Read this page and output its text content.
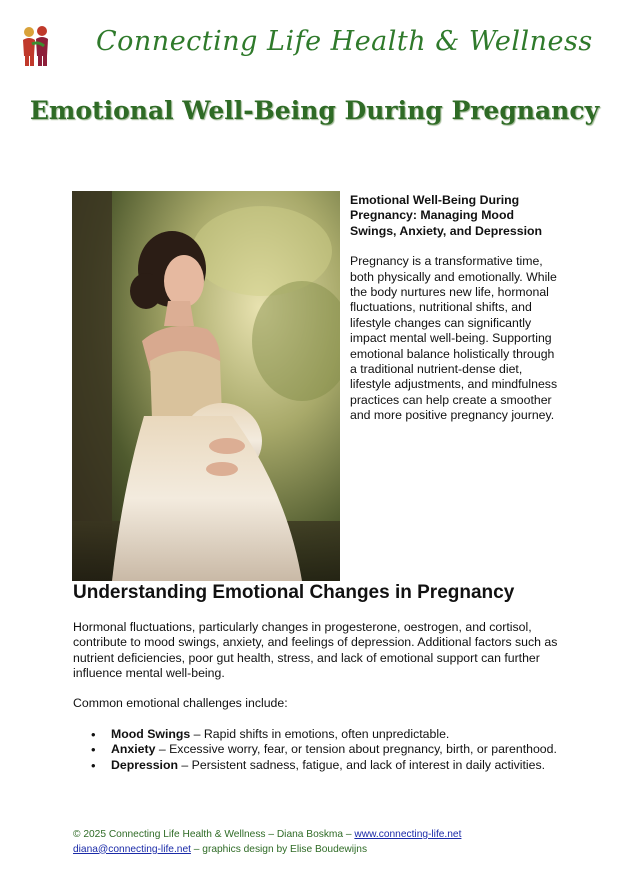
Connecting Life Health & Wellness
Emotional Well-Being During Pregnancy
Emotional Well-Being During Pregnancy: Managing Mood Swings, Anxiety, and Depression

Pregnancy is a transformative time, both physically and emotionally. While the body nurtures new life, hormonal fluctuations, nutritional shifts, and lifestyle changes can significantly impact mental well-being. Supporting emotional balance holistically through a traditional nutrient-dense diet, lifestyle adjustments, and mindfulness practices can help create a smoother and more positive pregnancy journey.

Understanding Emotional Changes in Pregnancy

Hormonal fluctuations, particularly changes in progesterone, oestrogen, and cortisol, contribute to mood swings, anxiety, and feelings of depression. Additional factors such as nutrient deficiencies, poor gut health, stress, and lack of emotional support can further influence mental well-being.

Common emotional challenges include:

• Mood Swings – Rapid shifts in emotions, often unpredictable.
• Anxiety – Excessive worry, fear, or tension about pregnancy, birth, or parenthood.
• Depression – Persistent sadness, fatigue, and lack of interest in daily activities.
© 2025 Connecting Life Health & Wellness – Diana Boskma – www.connecting-life.net
diana@connecting-life.net – graphics design by Elise Boudewijns
